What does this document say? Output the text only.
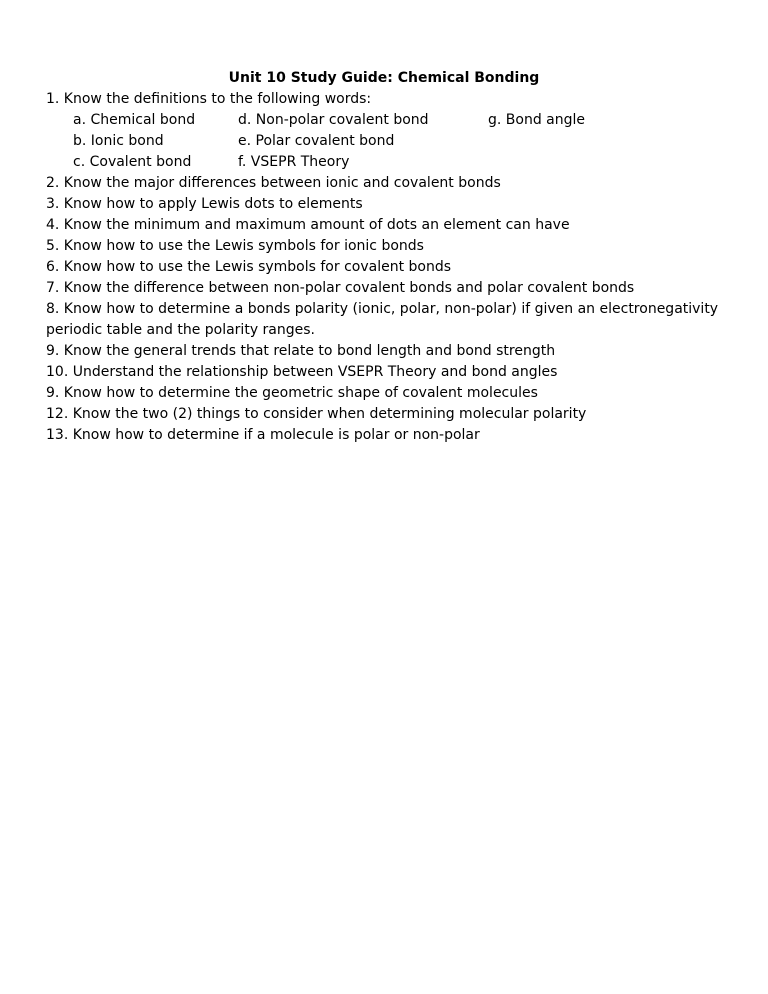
Unit 10 Study Guide: Chemical Bonding
1. Know the definitions to the following words:
a. Chemical bond	d. Non-polar covalent bond	g. Bond angle
b. Ionic bond	e. Polar covalent bond
c. Covalent bond	f. VSEPR Theory
2. Know the major differences between ionic and covalent bonds
3. Know how to apply Lewis dots to elements
4. Know the minimum and maximum amount of dots an element can have
5. Know how to use the Lewis symbols for ionic bonds
6. Know how to use the Lewis symbols for covalent bonds
7. Know the difference between non-polar covalent bonds and polar covalent bonds
8. Know how to determine a bonds polarity (ionic, polar, non-polar) if given an electronegativity periodic table and the polarity ranges.
9. Know the general trends that relate to bond length and bond strength
10. Understand the relationship between VSEPR Theory and bond angles
9. Know how to determine the geometric shape of covalent molecules
12. Know the two (2) things to consider when determining molecular polarity
13. Know how to determine if a molecule is polar or non-polar
